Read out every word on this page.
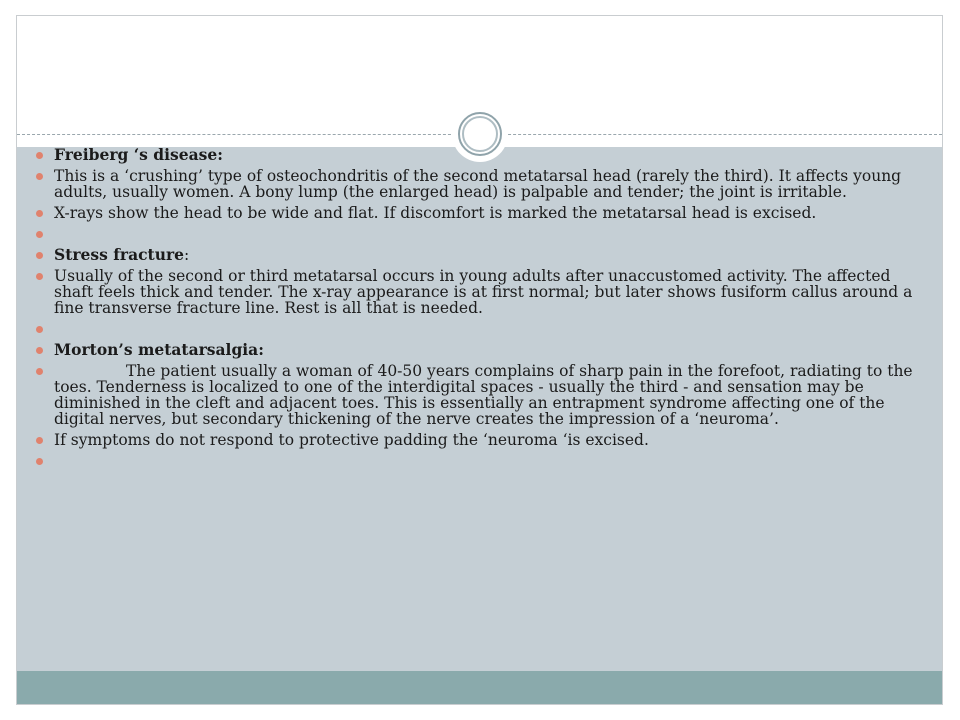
Freiberg ‘s disease:
This is a ‘crushing’ type of osteochondritis of the second metatarsal head (rarely the third). It affects young adults, usually women. A bony lump (the enlarged head) is palpable and tender; the joint is irritable.
X-rays show the head to be wide and flat. If discomfort is marked the metatarsal head is excised.
Stress fracture:
Usually of the second or third metatarsal occurs in young adults after unaccustomed activity. The affected shaft feels thick and tender. The x-ray appearance is at first normal; but later shows fusiform callus around a fine transverse fracture line. Rest is all that is needed.
Morton’s metatarsalgia:
The patient usually a woman of 40-50 years complains of sharp pain in the forefoot, radiating to the toes. Tenderness is localized to one of the interdigital spaces - usually the third - and sensation may be diminished in the cleft and adjacent toes. This is essentially an entrapment syndrome affecting one of the digital nerves, but secondary thickening of the nerve creates the impression of a ‘neuroma’.
If symptoms do not respond to protective padding the ‘neuroma ‘is excised.
